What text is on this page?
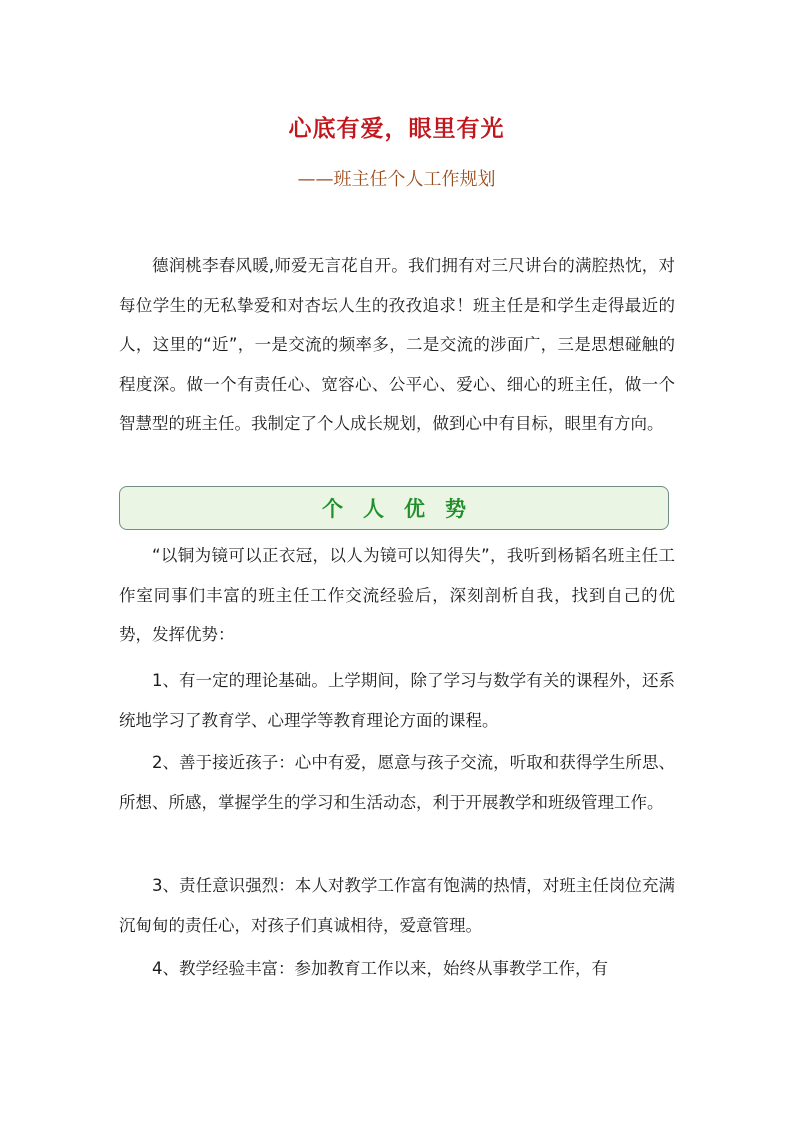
心底有爱，眼里有光
——班主任个人工作规划

德润桃李春风暖,师爱无言花自开。我们拥有对三尺讲台的满腔热忱，对每位学生的无私挚爱和对杏坛人生的孜孜追求！班主任是和学生走得最近的人，这里的“近”，一是交流的频率多，二是交流的涉面广，三是思想碰触的程度深。做一个有责任心、宽容心、公平心、爱心、细心的班主任，做一个智慧型的班主任。我制定了个人成长规划，做到心中有目标，眼里有方向。

个人优势

“以铜为镜可以正衣冠，以人为镜可以知得失”，我听到杨韬名班主任工作室同事们丰富的班主任工作交流经验后，深刻剖析自我，找到自己的优势，发挥优势：

1、有一定的理论基础。上学期间，除了学习与数学有关的课程外，还系统地学习了教育学、心理学等教育理论方面的课程。

2、善于接近孩子：心中有爱，愿意与孩子交流，听取和获得学生所思、所想、所感，掌握学生的学习和生活动态，利于开展教学和班级管理工作。

3、责任意识强烈：本人对教学工作富有饱满的热情，对班主任岗位充满沉甸甸的责任心，对孩子们真诚相待，爱意管理。

4、教学经验丰富：参加教育工作以来，始终从事教学工作，有
